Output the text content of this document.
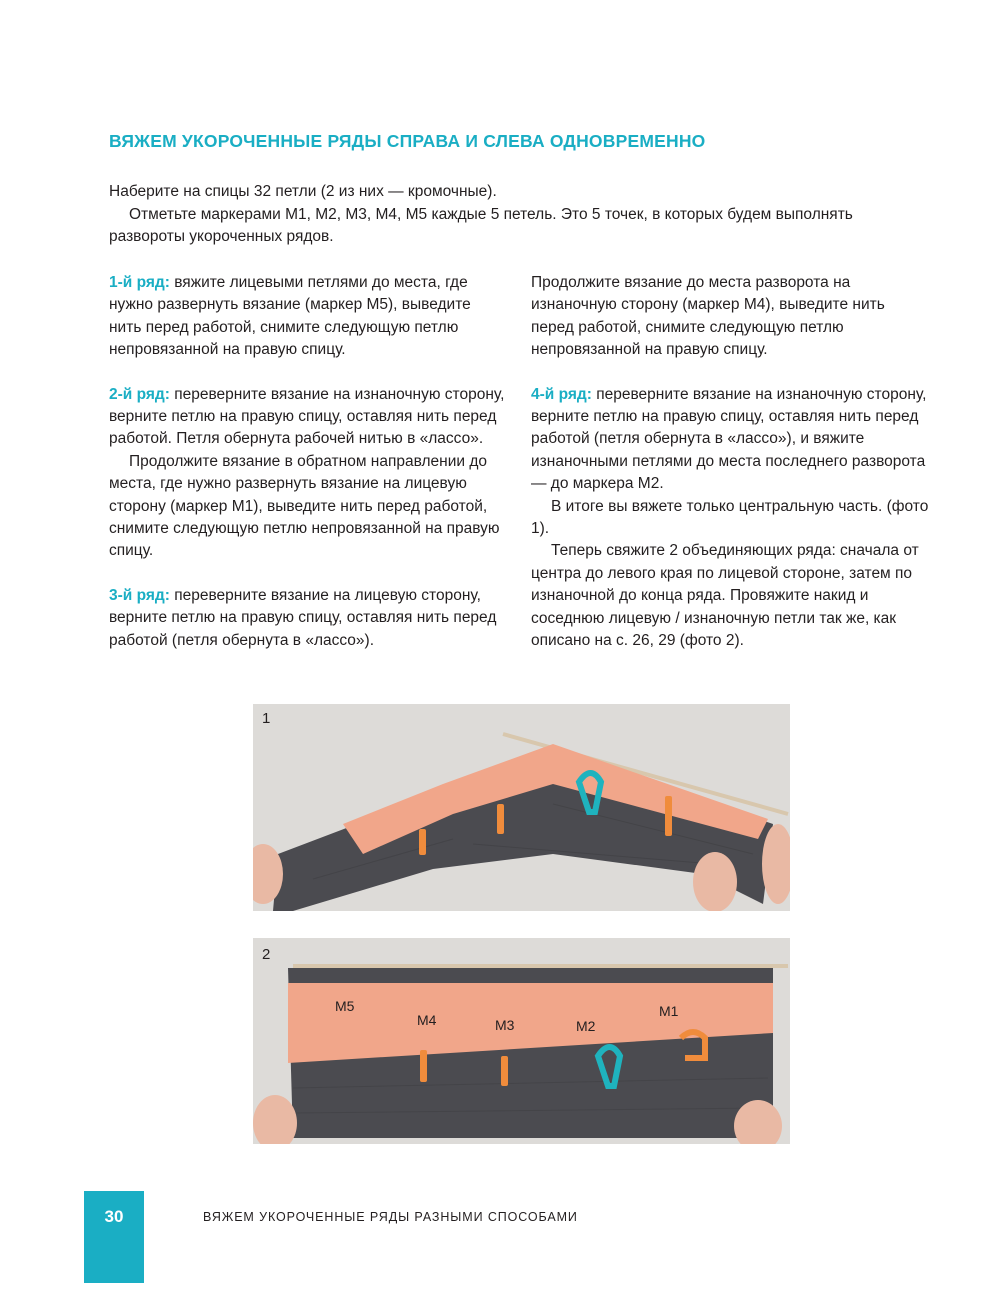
ВЯЖЕМ УКОРОЧЕННЫЕ РЯДЫ СПРАВА И СЛЕВА ОДНОВРЕМЕННО

Наберите на спицы 32 петли (2 из них — кромочные).

Отметьте маркерами М1, М2, М3, М4, М5 каждые 5 петель. Это 5 точек, в которых будем выполнять развороты укороченных рядов.

1-й ряд: вяжите лицевыми петлями до места, где нужно развернуть вязание (маркер М5), выведите нить перед работой, снимите следующую петлю непровязанной на правую спицу.

2-й ряд: переверните вязание на изнаночную сторону, верните петлю на правую спицу, оставляя нить перед работой. Петля обернута рабочей нитью в «лассо».

Продолжите вязание в обратном направлении до места, где нужно развернуть вязание на лицевую сторону (маркер М1), выведите нить перед работой, снимите следующую петлю непровязанной на правую спицу.

3-й ряд: переверните вязание на лицевую сторону, верните петлю на правую спицу, оставляя нить перед работой (петля обернута в «лассо»).

Продолжите вязание до места разворота на изнаночную сторону (маркер М4), выведите нить перед работой, снимите следующую петлю непровязанной на правую спицу.

4-й ряд: переверните вязание на изнаночную сторону, верните петлю на правую спицу, оставляя нить перед работой (петля обернута в «лассо»), и вяжите изнаночными петлями до места последнего разворота — до маркера М2.

В итоге вы вяжете только центральную часть. (фото 1).

Теперь свяжите 2 объединяющих ряда: сначала от центра до левого края по лицевой стороне, затем по изнаночной до конца ряда. Провяжите накид и соседнюю лицевую / изнаночную петли так же, как описано на с. 26, 29 (фото 2).

1
2
М5
М4	М3	М2
М1
30	ВЯЖЕМ УКОРОЧЕННЫЕ РЯДЫ РАЗНЫМИ СПОСОБАМИ
